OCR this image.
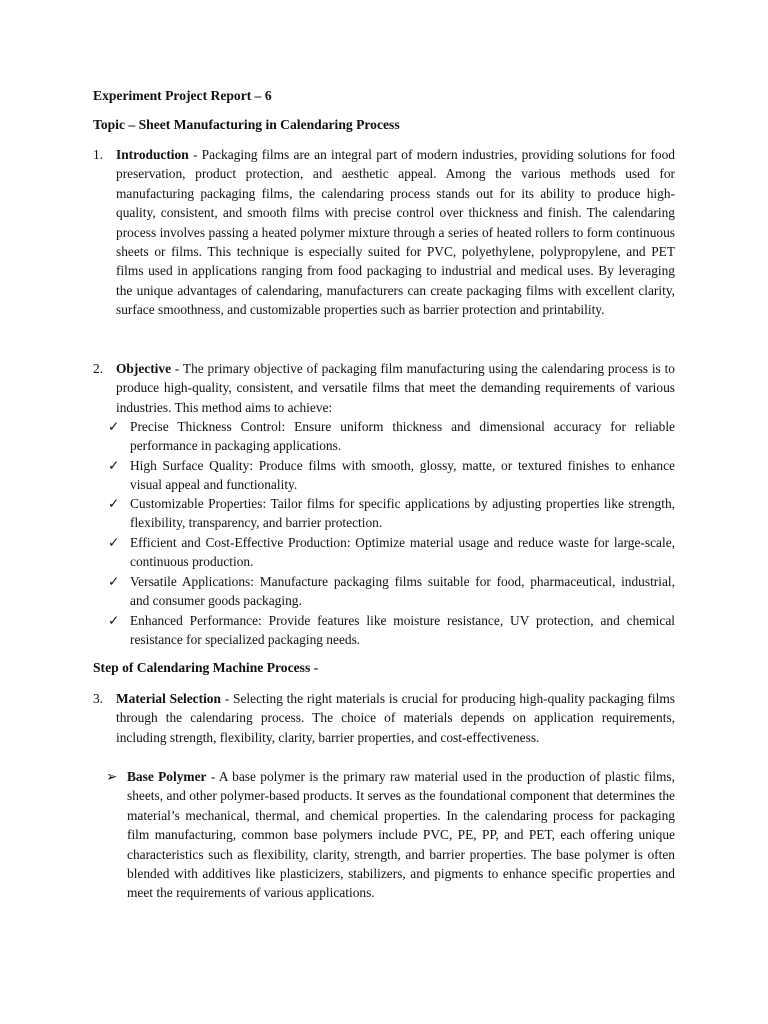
Experiment Project Report – 6
Topic – Sheet Manufacturing in Calendaring Process
1. Introduction - Packaging films are an integral part of modern industries, providing solutions for food preservation, product protection, and aesthetic appeal. Among the various methods used for manufacturing packaging films, the calendaring process stands out for its ability to produce high-quality, consistent, and smooth films with precise control over thickness and finish. The calendaring process involves passing a heated polymer mixture through a series of heated rollers to form continuous sheets or films. This technique is especially suited for PVC, polyethylene, polypropylene, and PET films used in applications ranging from food packaging to industrial and medical uses. By leveraging the unique advantages of calendaring, manufacturers can create packaging films with excellent clarity, surface smoothness, and customizable properties such as barrier protection and printability.
2. Objective - The primary objective of packaging film manufacturing using the calendaring process is to produce high-quality, consistent, and versatile films that meet the demanding requirements of various industries. This method aims to achieve:
✓ Precise Thickness Control: Ensure uniform thickness and dimensional accuracy for reliable performance in packaging applications.
✓ High Surface Quality: Produce films with smooth, glossy, matte, or textured finishes to enhance visual appeal and functionality.
✓ Customizable Properties: Tailor films for specific applications by adjusting properties like strength, flexibility, transparency, and barrier protection.
✓ Efficient and Cost-Effective Production: Optimize material usage and reduce waste for large-scale, continuous production.
✓ Versatile Applications: Manufacture packaging films suitable for food, pharmaceutical, industrial, and consumer goods packaging.
✓ Enhanced Performance: Provide features like moisture resistance, UV protection, and chemical resistance for specialized packaging needs.
Step of Calendaring Machine Process -
3. Material Selection - Selecting the right materials is crucial for producing high-quality packaging films through the calendaring process. The choice of materials depends on application requirements, including strength, flexibility, clarity, barrier properties, and cost-effectiveness.
➢ Base Polymer - A base polymer is the primary raw material used in the production of plastic films, sheets, and other polymer-based products. It serves as the foundational component that determines the material’s mechanical, thermal, and chemical properties. In the calendaring process for packaging film manufacturing, common base polymers include PVC, PE, PP, and PET, each offering unique characteristics such as flexibility, clarity, strength, and barrier properties. The base polymer is often blended with additives like plasticizers, stabilizers, and pigments to enhance specific properties and meet the requirements of various applications.
